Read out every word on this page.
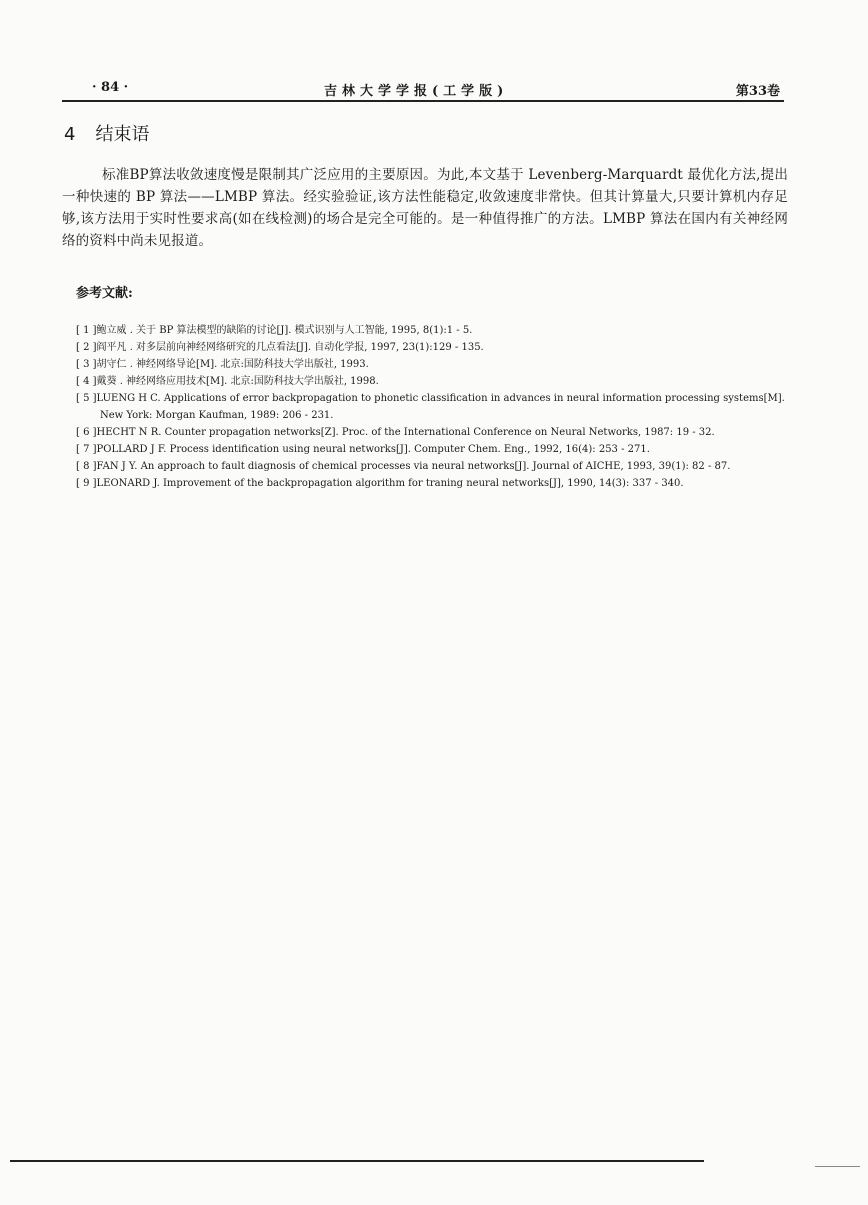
· 84 ·	吉林大学学报(工学版)	第33卷
4 结束语

标准BP算法收敛速度慢是限制其广泛应用的主要原因。为此,本文基于 Levenberg-Marquardt 最优化方法,提出一种快速的 BP 算法——LMBP 算法。经实验验证,该方法性能稳定,收敛速度非常快。但其计算量大,只要计算机内存足够,该方法用于实时性要求高(如在线检测)的场合是完全可能的。是一种值得推广的方法。LMBP 算法在国内有关神经网络的资料中尚未见报道。

参考文献:
[ 1 ]鲍立威 . 关于 BP 算法模型的缺陷的讨论[J]. 模式识别与人工智能, 1995, 8(1):1 - 5.
[ 2 ]阎平凡 . 对多层前向神经网络研究的几点看法[J]. 自动化学报, 1997, 23(1):129 - 135.
[ 3 ]胡守仁 . 神经网络导论[M]. 北京:国防科技大学出版社, 1993.
[ 4 ]戴葵 . 神经网络应用技术[M]. 北京:国防科技大学出版社, 1998.
[ 5 ]LUENG H C. Applications of error backpropagation to phonetic classification in advances in neural information processing systems[M]. New York: Morgan Kaufman, 1989: 206 - 231.
[ 6 ]HECHT N R. Counter propagation networks[Z]. Proc. of the International Conference on Neural Networks, 1987: 19 - 32.
[ 7 ]POLLARD J F. Process identification using neural networks[J]. Computer Chem. Eng., 1992, 16(4): 253 - 271.
[ 8 ]FAN J Y. An approach to fault diagnosis of chemical processes via neural networks[J]. Journal of AICHE, 1993, 39(1): 82 - 87.
[ 9 ]LEONARD J. Improvement of the backpropagation algorithm for traning neural networks[J], 1990, 14(3): 337 - 340.
